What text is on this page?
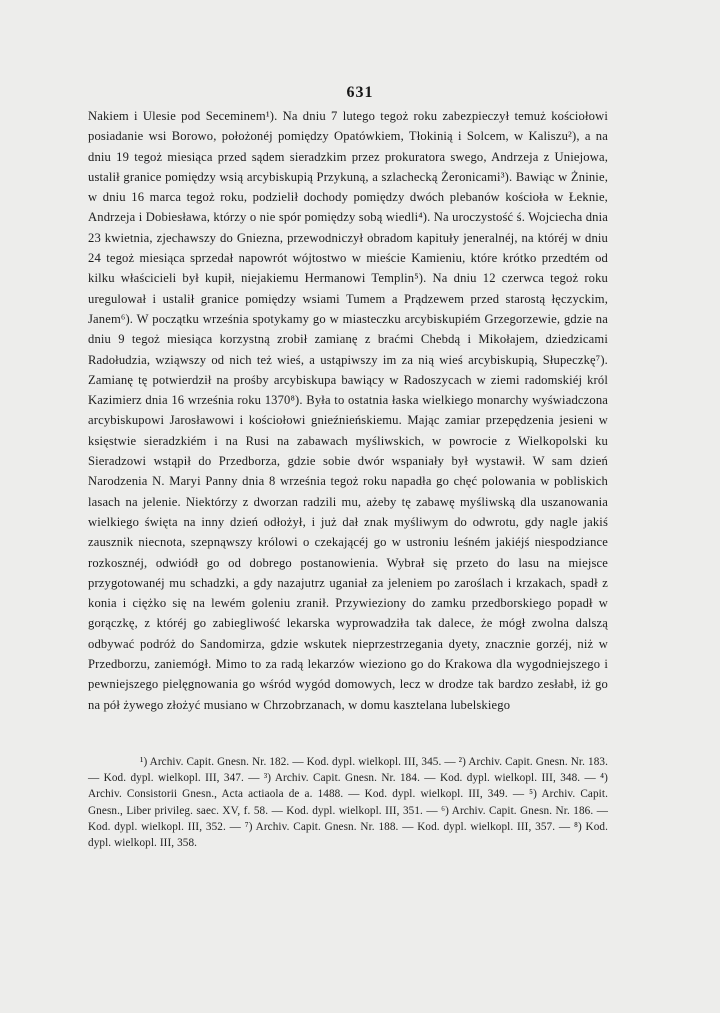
631

Nakiem i Ulesie pod Seceminem¹). Na dniu 7 lutego tegoż roku zabezpieczył temuż kościołowi posiadanie wsi Borowo, położonéj pomiędzy Opatówkiem, Tłokinią i Solcem, w Kaliszu²), a na dniu 19 tegoż miesiąca przed sądem sieradzkim przez prokuratora swego, Andrzeja z Uniejowa, ustalił granice pomiędzy wsią arcybiskupią Przykuną, a szlachecką Żeronicami³). Bawiąc w Żninie, w dniu 16 marca tegoż roku, podzielił dochody pomiędzy dwóch plebanów kościoła w Łeknie, Andrzeja i Dobiesława, którzy o nie spór pomiędzy sobą wiedli⁴). Na uroczystość ś. Wojciecha dnia 23 kwietnia, zjechawszy do Gniezna, przewodniczył obradom kapituły jeneralnéj, na któréj w dniu 24 tegoż miesiąca sprzedał napowrót wójtostwo w mieście Kamieniu, które krótko przedtém od kilku właścicieli był kupił, niejakiemu Hermanowi Templin⁵). Na dniu 12 czerwca tegoż roku uregulował i ustalił granice pomiędzy wsiami Tumem a Prądzewem przed starostą łęczyckim, Janem⁶). W początku września spotykamy go w miasteczku arcybiskupiém Grzegorzewie, gdzie na dniu 9 tegoż miesiąca korzystną zrobił zamianę z braćmi Chebdą i Mikołajem, dziedzicami Radołudzia, wziąwszy od nich też wieś, a ustąpiwszy im za nią wieś arcybiskupią, Słupeczkę⁷). Zamianę tę potwierdził na prośby arcybiskupa bawiący w Radoszycach w ziemi radomskiéj król Kazimierz dnia 16 września roku 1370⁸). Była to ostatnia łaska wielkiego monarchy wyświadczona arcybiskupowi Jarosławowi i kościołowi gnieźnieńskiemu. Mając zamiar przepędzenia jesieni w księstwie sieradzkiém i na Rusi na zabawach myśliwskich, w powrocie z Wielkopolski ku Sieradzowi wstąpił do Przedborza, gdzie sobie dwór wspaniały był wystawił. W sam dzień Narodzenia N. Maryi Panny dnia 8 września tegoż roku napadła go chęć polowania w pobliskich lasach na jelenie. Niektórzy z dworzan radzili mu, ażeby tę zabawę myśliwską dla uszanowania wielkiego święta na inny dzień odłożył, i już dał znak myśliwym do odwrotu, gdy nagle jakiś zausznik niecnota, szepnąwszy królowi o czekającéj go w ustroniu leśném jakiéjś niespodziance rozkosznéj, odwiódł go od dobrego postanowienia. Wybrał się przeto do lasu na miejsce przygotowanéj mu schadzki, a gdy nazajutrz uganiał za jeleniem po zaroślach i krzakach, spadł z konia i ciężko się na lewém goleniu zranił. Przywieziony do zamku przedborskiego popadł w gorączkę, z któréj go zabiegliwość lekarska wyprowadziła tak dalece, że mógł zwolna dalszą odbywać podróż do Sandomirza, gdzie wskutek nieprzestrzegania dyety, znacznie gorzéj, niż w Przedborzu, zaniemógł. Mimo to za radą lekarzów wieziono go do Krakowa dla wygodniejszego i pewniejszego pielęgnowania go wśród wygód domowych, lecz w drodze tak bardzo zesłabł, iż go na pół żywego złożyć musiano w Chrzobrzanach, w domu kasztelana lubelskiego

¹) Archiv. Capit. Gnesn. Nr. 182. — Kod. dypl. wielkopl. III, 345. — ²) Archiv. Capit. Gnesn. Nr. 183. — Kod. dypl. wielkopl. III, 347. — ³) Archiv. Capit. Gnesn. Nr. 184. — Kod. dypl. wielkopl. III, 348. — ⁴) Archiv. Consistorii Gnesn., Acta actiaola de a. 1488. — Kod. dypl. wielkopl. III, 349. — ⁵) Archiv. Capit. Gnesn., Liber privileg. saec. XV, f. 58. — Kod. dypl. wielkopl. III, 351. — ⁶) Archiv. Capit. Gnesn. Nr. 186. — Kod. dypl. wielkopl. III, 352. — ⁷) Archiv. Capit. Gnesn. Nr. 188. — Kod. dypl. wielkopl. III, 357. — ⁸) Kod. dypl. wielkopl. III, 358.
